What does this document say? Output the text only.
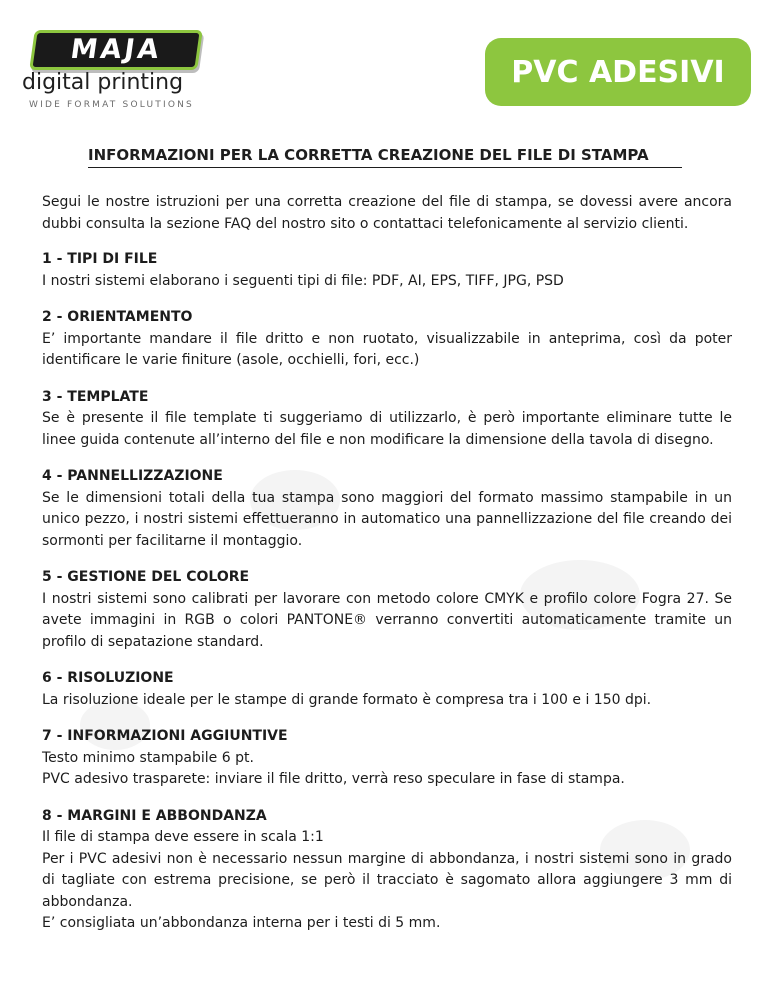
MAJA
digital printing
WIDE FORMAT SOLUTIONS
PVC ADESIVI
INFORMAZIONI PER LA CORRETTA CREAZIONE DEL FILE DI STAMPA

Segui le nostre istruzioni per una corretta creazione del file di stampa, se dovessi avere ancora dubbi consulta la sezione FAQ del nostro sito o contattaci telefonicamente al servizio clienti.

1 - TIPI DI FILE
I nostri sistemi elaborano i seguenti tipi di file: PDF, AI, EPS, TIFF, JPG, PSD
2 - ORIENTAMENTO
E’ importante mandare il file dritto e non ruotato, visualizzabile in anteprima, così da poter identificare le varie finiture (asole, occhielli, fori, ecc.)
3 - TEMPLATE
Se è presente il file template ti suggeriamo di utilizzarlo, è però importante eliminare tutte le linee guida contenute all’interno del file e non modificare la dimensione della tavola di disegno.
4 - PANNELLIZZAZIONE
Se le dimensioni totali della tua stampa sono maggiori del formato massimo stampabile in un unico pezzo, i nostri sistemi effettueranno in automatico una pannellizzazione del file creando dei sormonti per facilitarne il montaggio.
5 - GESTIONE DEL COLORE
I nostri sistemi sono calibrati per lavorare con metodo colore CMYK e profilo colore Fogra 27. Se avete immagini in RGB o colori PANTONE® verranno convertiti automaticamente tramite un profilo di sepatazione standard.
6 - RISOLUZIONE
La risoluzione ideale per le stampe di grande formato è compresa tra i 100 e i 150 dpi.
7 - INFORMAZIONI AGGIUNTIVE
Testo minimo stampabile 6 pt.
PVC adesivo trasparete: inviare il file dritto, verrà reso speculare in fase di stampa.
8 - MARGINI E ABBONDANZA
Il file di stampa deve essere in scala 1:1
Per i PVC adesivi non è necessario nessun margine di abbondanza, i nostri sistemi sono in grado di tagliate con estrema precisione, se però il tracciato è sagomato allora aggiungere 3 mm di abbondanza.
E’ consigliata un’abbondanza interna per i testi di 5 mm.
